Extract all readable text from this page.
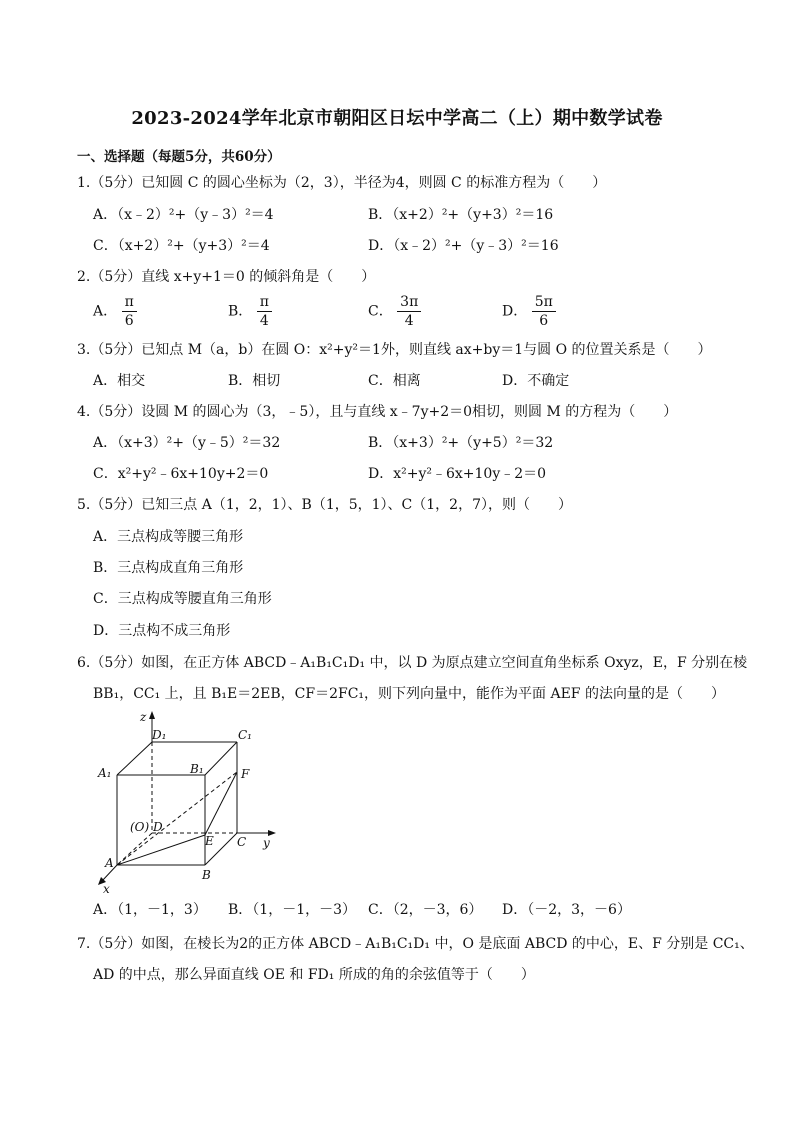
2023-2024学年北京市朝阳区日坛中学高二（上）期中数学试卷
一、选择题（每题5分，共60分）
1.（5分）已知圆 C 的圆心坐标为（2，3），半径为4，则圆 C 的标准方程为（　　）
A．（x﹣2）²+（y﹣3）²＝4	B．（x+2）²+（y+3）²＝16
C．（x+2）²+（y+3）²＝4	D．（x﹣2）²+（y﹣3）²＝16
2.（5分）直线 x+y+1＝0 的倾斜角是（　　）
A． $\frac{\pi}{6}$	B． $\frac{\pi}{4}$	C． $\frac{3\pi}{4}$	D． $\frac{5\pi}{6}$
3.（5分）已知点 M（a，b）在圆 O：x²+y²＝1外，则直线 ax+by＝1与圆 O 的位置关系是（　　）
A．相交	B．相切	C．相离	D．不确定
4.（5分）设圆 M 的圆心为（3，﹣5），且与直线 x﹣7y+2＝0相切，则圆 M 的方程为（　　）
A．（x+3）²+（y﹣5）²＝32	B．（x+3）²+（y+5）²＝32
C．x²+y²﹣6x+10y+2＝0	D．x²+y²﹣6x+10y﹣2＝0
5.（5分）已知三点 A（1，2，1）、B（1，5，1）、C（1，2，7），则（　　）
A．三点构成等腰三角形
B．三点构成直角三角形
C．三点构成等腰直角三角形
D．三点构不成三角形
6.（5分）如图，在正方体 ABCD﹣A₁B₁C₁D₁ 中，以 D 为原点建立空间直角坐标系 Oxyz，E，F 分别在棱
BB₁，CC₁ 上，且 B₁E＝2EB，CF＝2FC₁，则下列向量中，能作为平面 AEF 的法向量的是（　　）
z
y
x
D₁	C₁
A₁	B₁	F
(O) D
E C
A
B
A．（1，－1，3） B．（1，－1，－3） C．（2，－3，6） D．（－2，3，－6）
7.（5分）如图，在棱长为2的正方体 ABCD﹣A₁B₁C₁D₁ 中，O 是底面 ABCD 的中心，E、F 分别是 CC₁、
AD 的中点，那么异面直线 OE 和 FD₁ 所成的角的余弦值等于（　　）
